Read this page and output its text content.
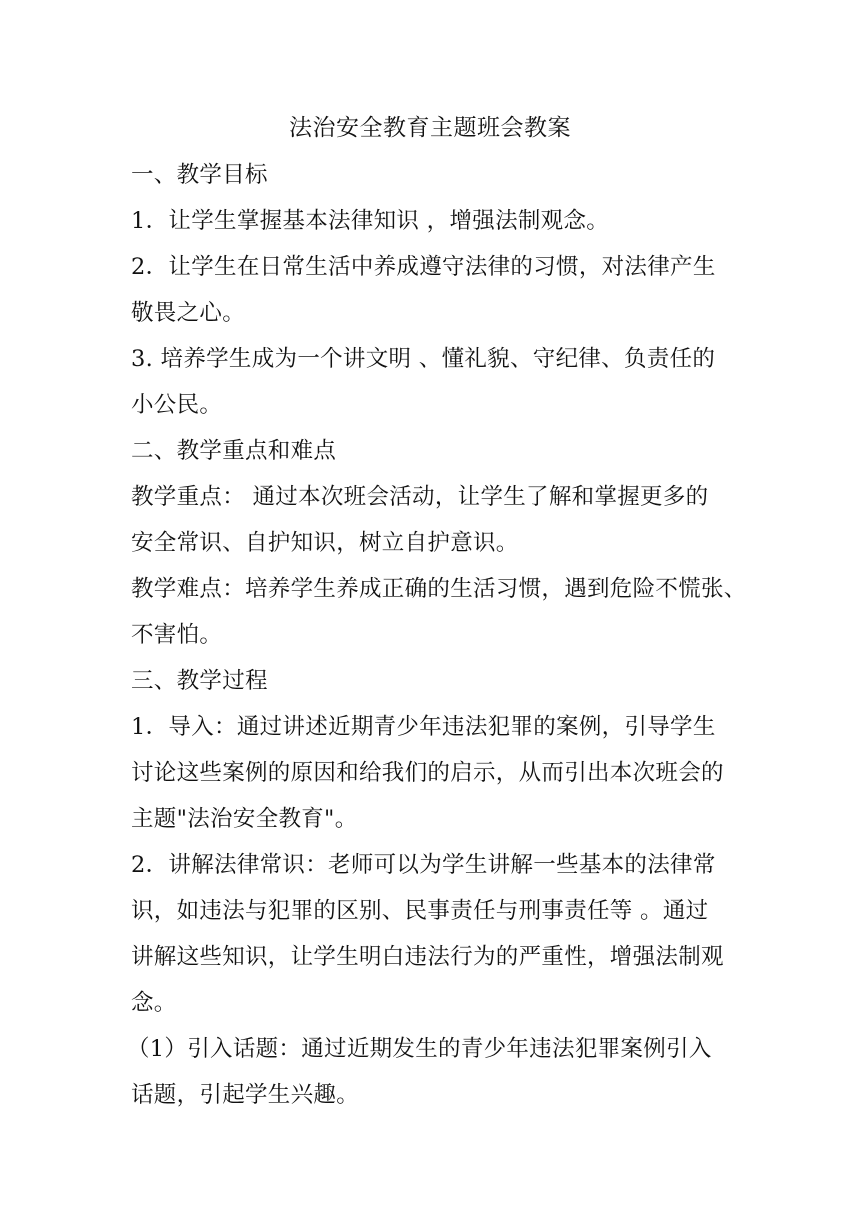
法治安全教育主题班会教案
一、教学目标
1．让学生掌握基本法律知识 ，增强法制观念。
2．让学生在日常生活中养成遵守法律的习惯，对法律产生
敬畏之心。
3. 培养学生成为一个讲文明 、懂礼貌、守纪律、负责任的
小公民。
二、教学重点和难点
教学重点： 通过本次班会活动，让学生了解和掌握更多的
安全常识、自护知识，树立自护意识。
教学难点：培养学生养成正确的生活习惯，遇到危险不慌张、
不害怕。
三、教学过程
1．导入：通过讲述近期青少年违法犯罪的案例，引导学生
讨论这些案例的原因和给我们的启示，从而引出本次班会的
主题"法治安全教育"。
2．讲解法律常识：老师可以为学生讲解一些基本的法律常
识，如违法与犯罪的区别、民事责任与刑事责任等 。通过
讲解这些知识，让学生明白违法行为的严重性，增强法制观
念。
（1）引入话题：通过近期发生的青少年违法犯罪案例引入
话题，引起学生兴趣。
